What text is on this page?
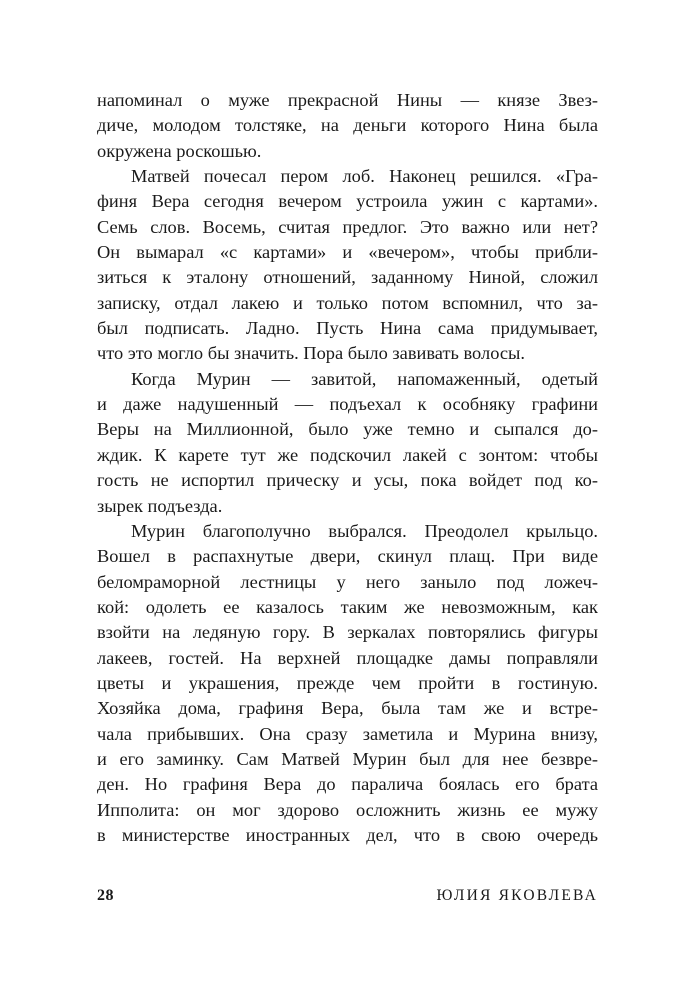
напоминал о муже прекрасной Нины — князе Звез-
диче, молодом толстяке, на деньги которого Нина была
окружена роскошью.
Матвей почесал пером лоб. Наконец решился. «Гра-
финя Вера сегодня вечером устроила ужин с картами».
Семь слов. Восемь, считая предлог. Это важно или нет?
Он вымарал «с картами» и «вечером», чтобы прибли-
зиться к эталону отношений, заданному Ниной, сложил
записку, отдал лакею и только потом вспомнил, что за-
был подписать. Ладно. Пусть Нина сама придумывает,
что это могло бы значить. Пора было завивать волосы.
Когда Мурин — завитой, напомаженный, одетый
и даже надушенный — подъехал к особняку графини
Веры на Миллионной, было уже темно и сыпался до-
ждик. К карете тут же подскочил лакей с зонтом: чтобы
гость не испортил прическу и усы, пока войдет под ко-
зырек подъезда.
Мурин благополучно выбрался. Преодолел крыльцо.
Вошел в распахнутые двери, скинул плащ. При виде
беломраморной лестницы у него заныло под ложеч-
кой: одолеть ее казалось таким же невозможным, как
взойти на ледяную гору. В зеркалах повторялись фигуры
лакеев, гостей. На верхней площадке дамы поправляли
цветы и украшения, прежде чем пройти в гостиную.
Хозяйка дома, графиня Вера, была там же и встре-
чала прибывших. Она сразу заметила и Мурина внизу,
и его заминку. Сам Матвей Мурин был для нее безвре-
ден. Но графиня Вера до паралича боялась его брата
Ипполита: он мог здорово осложнить жизнь ее мужу
в министерстве иностранных дел, что в свою очередь
28	ЮЛИЯ ЯКОВЛЕВА
